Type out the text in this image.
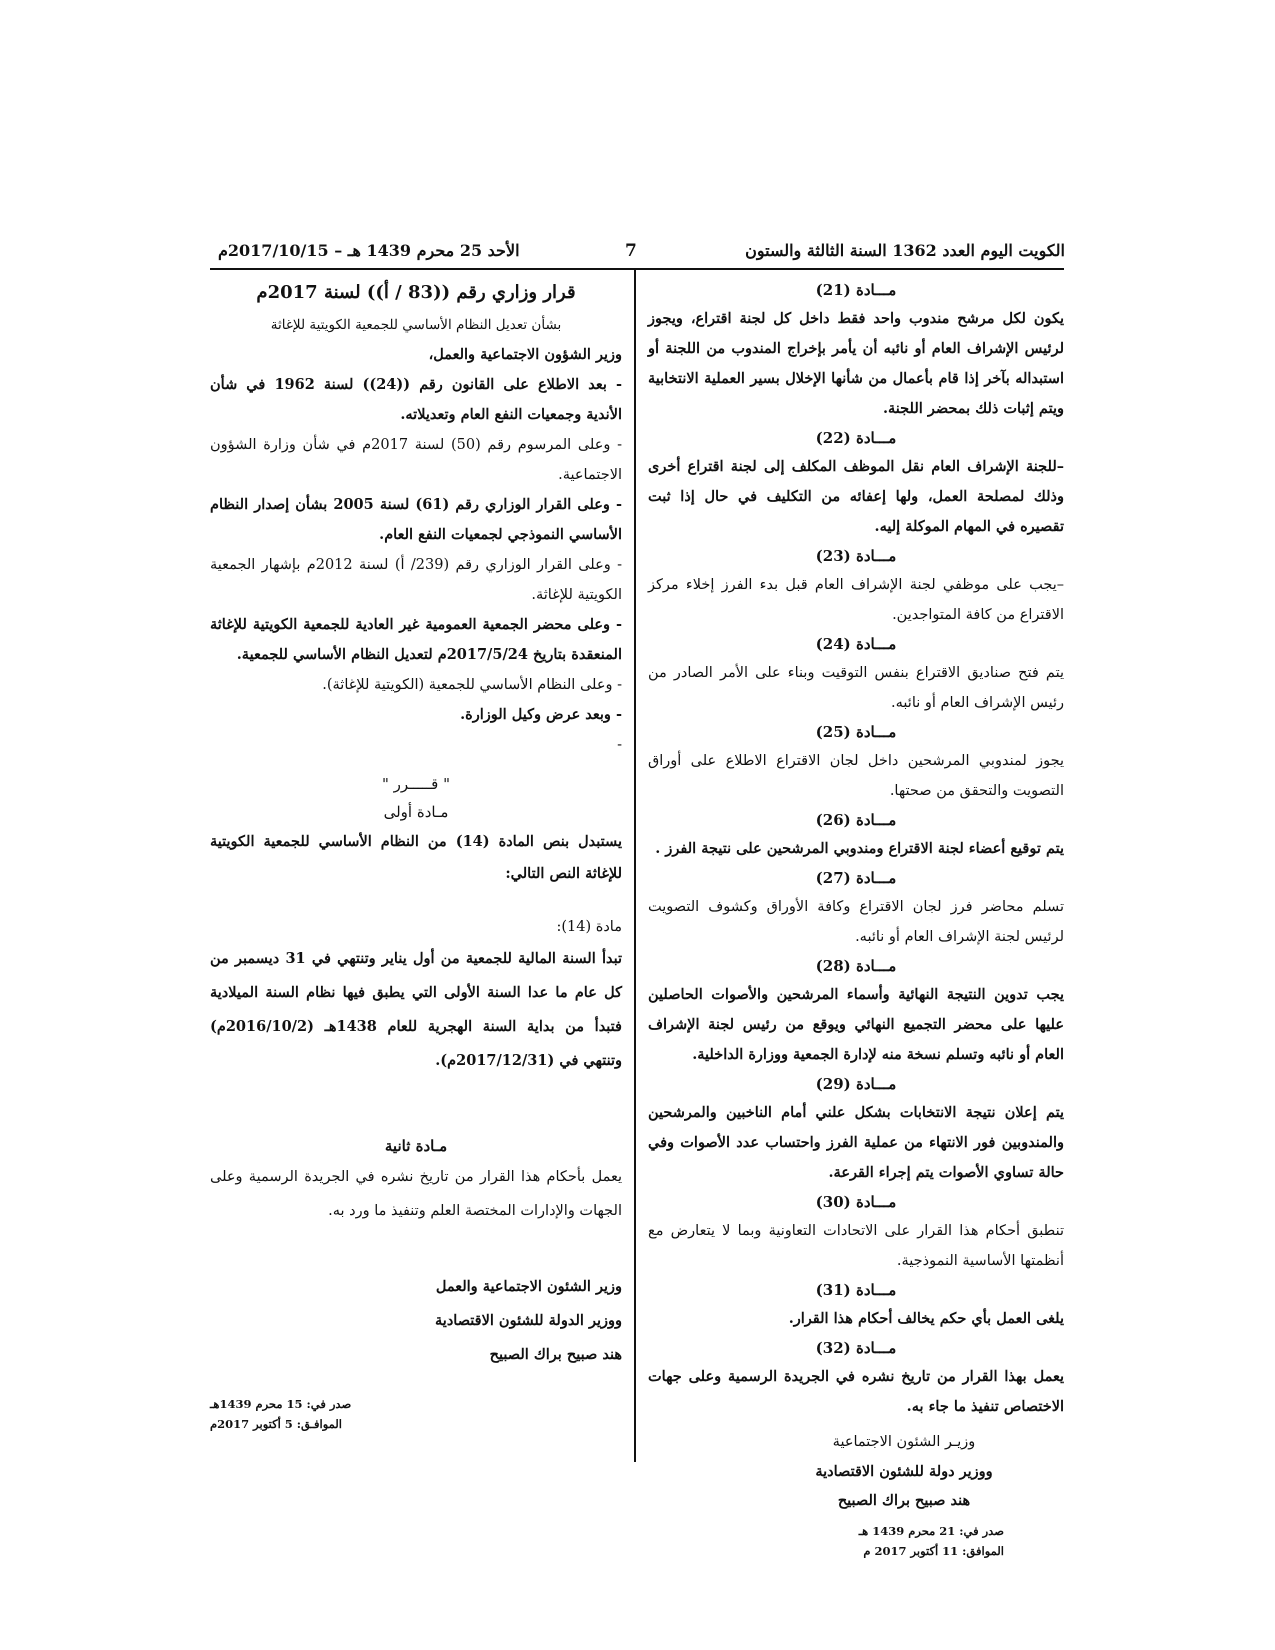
الكويت اليوم العدد 1362 السنة الثالثة والستون
7
الأحد 25 محرم 1439 هـ – 2017/10/15م
مـــادة (21)

يكون لكل مرشح مندوب واحد فقط داخل كل لجنة اقتراع، ويجوز لرئيس الإشراف العام أو نائبه أن يأمر بإخراج المندوب من اللجنة أو استبداله بآخر إذا قام بأعمال من شأنها الإخلال بسير العملية الانتخابية ويتم إثبات ذلك بمحضر اللجنة.

مـــادة (22)

–للجنة الإشراف العام نقل الموظف المكلف إلى لجنة اقتراع أخرى وذلك لمصلحة العمل، ولها إعفائه من التكليف في حال إذا ثبت تقصيره في المهام الموكلة إليه.

مـــادة (23)

–يجب على موظفي لجنة الإشراف العام قبل بدء الفرز إخلاء مركز الاقتراع من كافة المتواجدين.

مـــادة (24)

يتم فتح صناديق الاقتراع بنفس التوقيت وبناء على الأمر الصادر من رئيس الإشراف العام أو نائبه.

مـــادة (25)

يجوز لمندوبي المرشحين داخل لجان الاقتراع الاطلاع على أوراق التصويت والتحقق من صحتها.

مـــادة (26)

يتم توقيع أعضاء لجنة الاقتراع ومندوبي المرشحين على نتيجة الفرز .

مـــادة (27)

تسلم محاضر فرز لجان الاقتراع وكافة الأوراق وكشوف التصويت لرئيس لجنة الإشراف العام أو نائبه.

مـــادة (28)

يجب تدوين النتيجة النهائية وأسماء المرشحين والأصوات الحاصلين عليها على محضر التجميع النهائي ويوقع من رئيس لجنة الإشراف العام أو نائبه وتسلم نسخة منه لإدارة الجمعية ووزارة الداخلية.

مـــادة (29)

يتم إعلان نتيجة الانتخابات بشكل علني أمام الناخبين والمرشحين والمندوبين فور الانتهاء من عملية الفرز واحتساب عدد الأصوات وفي حالة تساوي الأصوات يتم إجراء القرعة.

مـــادة (30)

تنطبق أحكام هذا القرار على الاتحادات التعاونية وبما لا يتعارض مع أنظمتها الأساسية النموذجية.

مـــادة (31)

يلغى العمل بأي حكم يخالف أحكام هذا القرار.

مـــادة (32)

يعمل بهذا القرار من تاريخ نشره في الجريدة الرسمية وعلى جهات الاختصاص تنفيذ ما جاء به.

وزيـر الشئون الاجتماعية
ووزير دولة للشئون الاقتصادية
هند صبيح براك الصبيح
صدر في: 21 محرم 1439 هـ
الموافق: 11 أكتوبر 2017 م
قرار وزاري رقم ((83 / أ)) لسنة 2017م
بشأن تعديل النظام الأساسي للجمعية الكويتية للإغاثة

وزير الشؤون الاجتماعية والعمل،

- بعد الاطلاع على القانون رقم ((24)) لسنة 1962 في شأن الأندية وجمعيات النفع العام وتعديلاته.

- وعلى المرسوم رقم (50) لسنة 2017م في شأن وزارة الشؤون الاجتماعية.

- وعلى القرار الوزاري رقم (61) لسنة 2005 بشأن إصدار النظام الأساسي النموذجي لجمعيات النفع العام.

- وعلى القرار الوزاري رقم (239/ أ) لسنة 2012م بإشهار الجمعية الكويتية للإغاثة.

- وعلى محضر الجمعية العمومية غير العادية للجمعية الكويتية للإغاثة المنعقدة بتاريخ 2017/5/24م لتعديل النظام الأساسي للجمعية.

- وعلى النظام الأساسي للجمعية (الكويتية للإغاثة).

- وبعد عرض وكيل الوزارة.

-

" قـــــرر "
مـادة أولى

يستبدل بنص المادة (14) من النظام الأساسي للجمعية الكويتية للإغاثة النص التالي:

مادة (14):

تبدأ السنة المالية للجمعية من أول يناير وتنتهي في 31 ديسمبر من كل عام ما عدا السنة الأولى التي يطبق فيها نظام السنة الميلادية فتبدأ من بداية السنة الهجرية للعام 1438هـ (2016/10/2م) وتنتهي في (2017/12/31م).

مـادة ثانية

يعمل بأحكام هذا القرار من تاريخ نشره في الجريدة الرسمية وعلى الجهات والإدارات المختصة العلم وتنفيذ ما ورد به.

وزير الشئون الاجتماعية والعمل
ووزير الدولة للشئون الاقتصادية
هند صبيح براك الصبيح
صدر في: 15 محرم 1439هـ
الموافـق: 5 أكتوبر 2017م
